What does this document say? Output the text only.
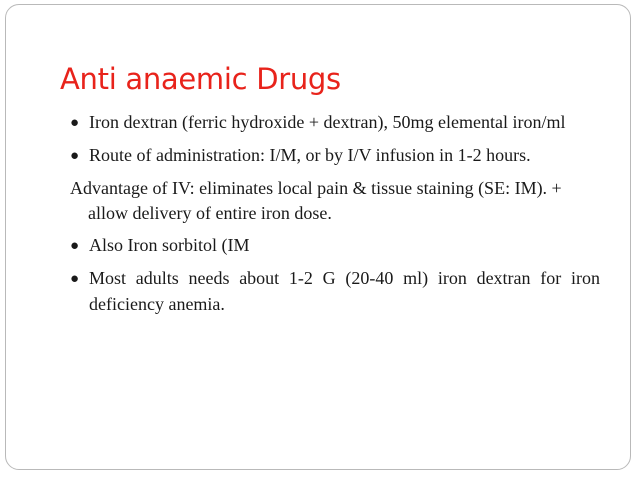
Anti anaemic Drugs

● Iron dextran (ferric hydroxide + dextran), 50mg elemental iron/ml

● Route of administration: I/M, or by I/V infusion in 1-2 hours.

Advantage of IV: eliminates local pain & tissue staining (SE: IM). + allow delivery of entire iron dose.

● Also Iron sorbitol (IM

● Most adults needs about 1-2 G (20-40 ml) iron dextran for iron deficiency anemia.
